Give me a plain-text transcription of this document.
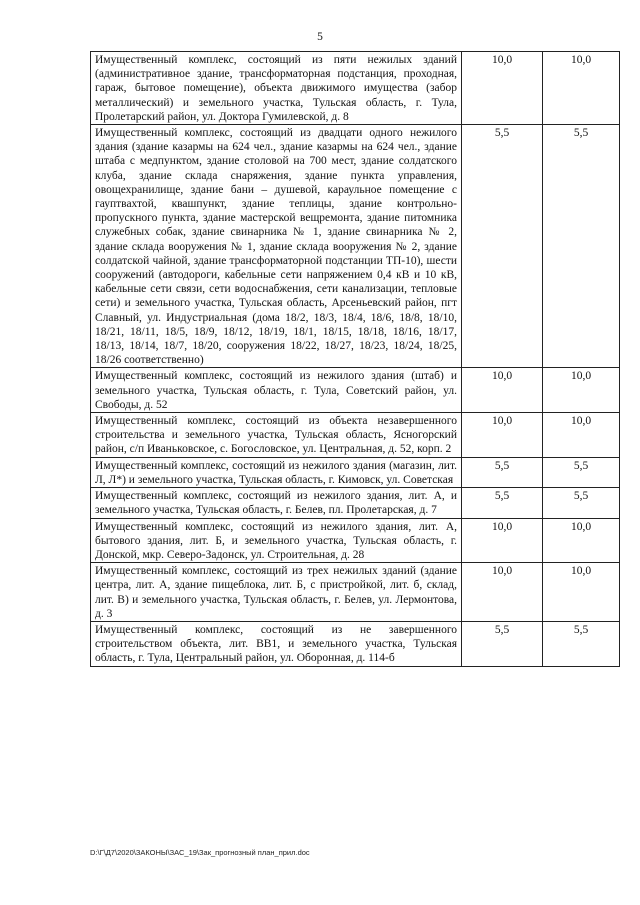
5
Имущественный комплекс, состоящий из пяти нежилых зданий (административное здание, трансформаторная подстанция, проходная, гараж, бытовое помещение), объекта движимого имущества (забор металлический) и земельного участка, Тульская область, г. Тула, Пролетарский район, ул. Доктора Гумилевской, д. 8	10,0	10,0
Имущественный комплекс, состоящий из двадцати одного нежилого здания (здание казармы на 624 чел., здание казармы на 624 чел., здание штаба с медпунктом, здание столовой на 700 мест, здание солдатского клуба, здание склада снаряжения, здание пункта управления, овощехранилище, здание бани – душевой, караульное помещение с гауптвахтой, квашпункт, здание теплицы, здание контрольно-пропускного пункта, здание мастерской вещремонта, здание питомника служебных собак, здание свинарника № 1, здание свинарника № 2, здание склада вооружения № 1, здание склада вооружения № 2, здание солдатской чайной, здание трансформаторной подстанции ТП-10), шести сооружений (автодороги, кабельные сети напряжением 0,4 кВ и 10 кВ, кабельные сети связи, сети водоснабжения, сети канализации, тепловые сети) и земельного участка, Тульская область, Арсеньевский район, пгт Славный, ул. Индустриальная (дома 18/2, 18/3, 18/4, 18/6, 18/8, 18/10, 18/21, 18/11, 18/5, 18/9, 18/12, 18/19, 18/1, 18/15, 18/18, 18/16, 18/17, 18/13, 18/14, 18/7, 18/20, сооружения 18/22, 18/27, 18/23, 18/24, 18/25, 18/26 соответственно)	5,5	5,5
Имущественный комплекс, состоящий из нежилого здания (штаб) и земельного участка, Тульская область, г. Тула, Советский район, ул. Свободы, д. 52	10,0	10,0
Имущественный комплекс, состоящий из объекта незавершенного строительства и земельного участка, Тульская область, Ясногорский район, с/п Иваньковское, с. Богословское, ул. Центральная, д. 52, корп. 2	10,0	10,0
Имущественный комплекс, состоящий из нежилого здания (магазин, лит. Л, Л*) и земельного участка, Тульская область, г. Кимовск, ул. Советская	5,5	5,5
Имущественный комплекс, состоящий из нежилого здания, лит. А, и земельного участка, Тульская область, г. Белев, пл. Пролетарская, д. 7	5,5	5,5
Имущественный комплекс, состоящий из нежилого здания, лит. А, бытового здания, лит. Б, и земельного участка, Тульская область, г. Донской, мкр. Северо-Задонск, ул. Строительная, д. 28	10,0	10,0
Имущественный комплекс, состоящий из трех нежилых зданий (здание центра, лит. А, здание пищеблока, лит. Б, с пристройкой, лит. б, склад, лит. В) и земельного участка, Тульская область, г. Белев, ул. Лермонтова, д. 3	10,0	10,0
Имущественный комплекс, состоящий из не завершенного строительством объекта, лит. ВВ1, и земельного участка, Тульская область, г. Тула, Центральный район, ул. Оборонная, д. 114-б	5,5	5,5
D:\Г\Д7\2020\ЗАКОНЫ\ЗАС_19\Зак_прогнозный план_прил.doc
